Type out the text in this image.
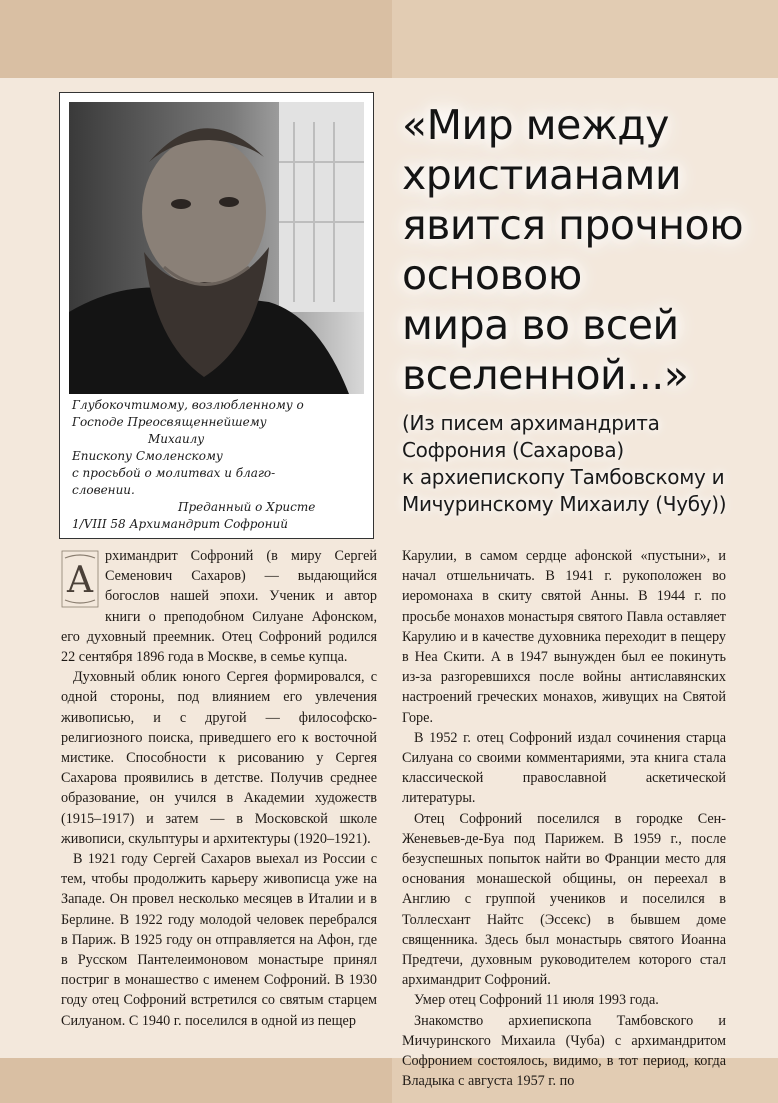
Глубокочтимому, возлюбленному о
Господе Преосвященнейшему
Михаилу
Епископу Смоленскому
с просьбой о молитвах и благо-
словении.
Преданный о Христе
1/VIII 58 Архимандрит Софроний
«Мир между
христианами
явится прочною
основою
мира во всей
вселенной...»
(Из писем архимандрита
Софрония (Сахарова)
к архиепископу Тамбовскому и
Мичуринскому Михаилу (Чубу))

А
рхимандрит Софроний (в миру Сергей Семенович Сахаров) — выдающийся богослов нашей эпохи. Ученик и автор книги о преподобном Силуане Афонском, его духовный преемник. Отец Софроний родился 22 сентября 1896 года в Москве, в семье купца.

Духовный облик юного Сергея формировался, с одной стороны, под влиянием его увлечения живописью, и с другой — философско-религиозного поиска, приведшего его к восточной мистике. Способности к рисованию у Сергея Сахарова проявились в детстве. Получив среднее образование, он учился в Академии художеств (1915–1917) и затем — в Московской школе живописи, скульптуры и архитектуры (1920–1921).

В 1921 году Сергей Сахаров выехал из России с тем, чтобы продолжить карьеру живописца уже на Западе. Он провел несколько месяцев в Италии и в Берлине. В 1922 году молодой человек перебрался в Париж. В 1925 году он отправляется на Афон, где в Русском Пантелеимоновом монастыре принял постриг в монашество с именем Софроний. В 1930 году отец Софроний встретился со святым старцем Силуаном. С 1940 г. поселился в одной из пещер

Карулии, в самом сердце афонской «пустыни», и начал отшельничать. В 1941 г. рукоположен во иеромонаха в скиту святой Анны. В 1944 г. по просьбе монахов монастыря святого Павла оставляет Карулию и в качестве духовника переходит в пещеру в Неа Скити. А в 1947 вынужден был ее покинуть из-за разгоревшихся после войны антиславянских настроений греческих монахов, живущих на Святой Горе.

В 1952 г. отец Софроний издал сочинения старца Силуана со своими комментариями, эта книга стала классической православной аскетической литературы.

Отец Софроний поселился в городке Сен-Женевьев-де-Буа под Парижем. В 1959 г., после безуспешных попыток найти во Франции место для основания монашеской общины, он переехал в Англию с группой учеников и поселился в Толлесхант Найтс (Эссекс) в бывшем доме священника. Здесь был монастырь святого Иоанна Предтечи, духовным руководителем которого стал архимандрит Софроний.

Умер отец Софроний 11 июля 1993 года.

Знакомство архиепископа Тамбовского и Мичуринского Михаила (Чуба) с архимандритом Софронием состоялось, видимо, в тот период, когда Владыка с августа 1957 г. по
